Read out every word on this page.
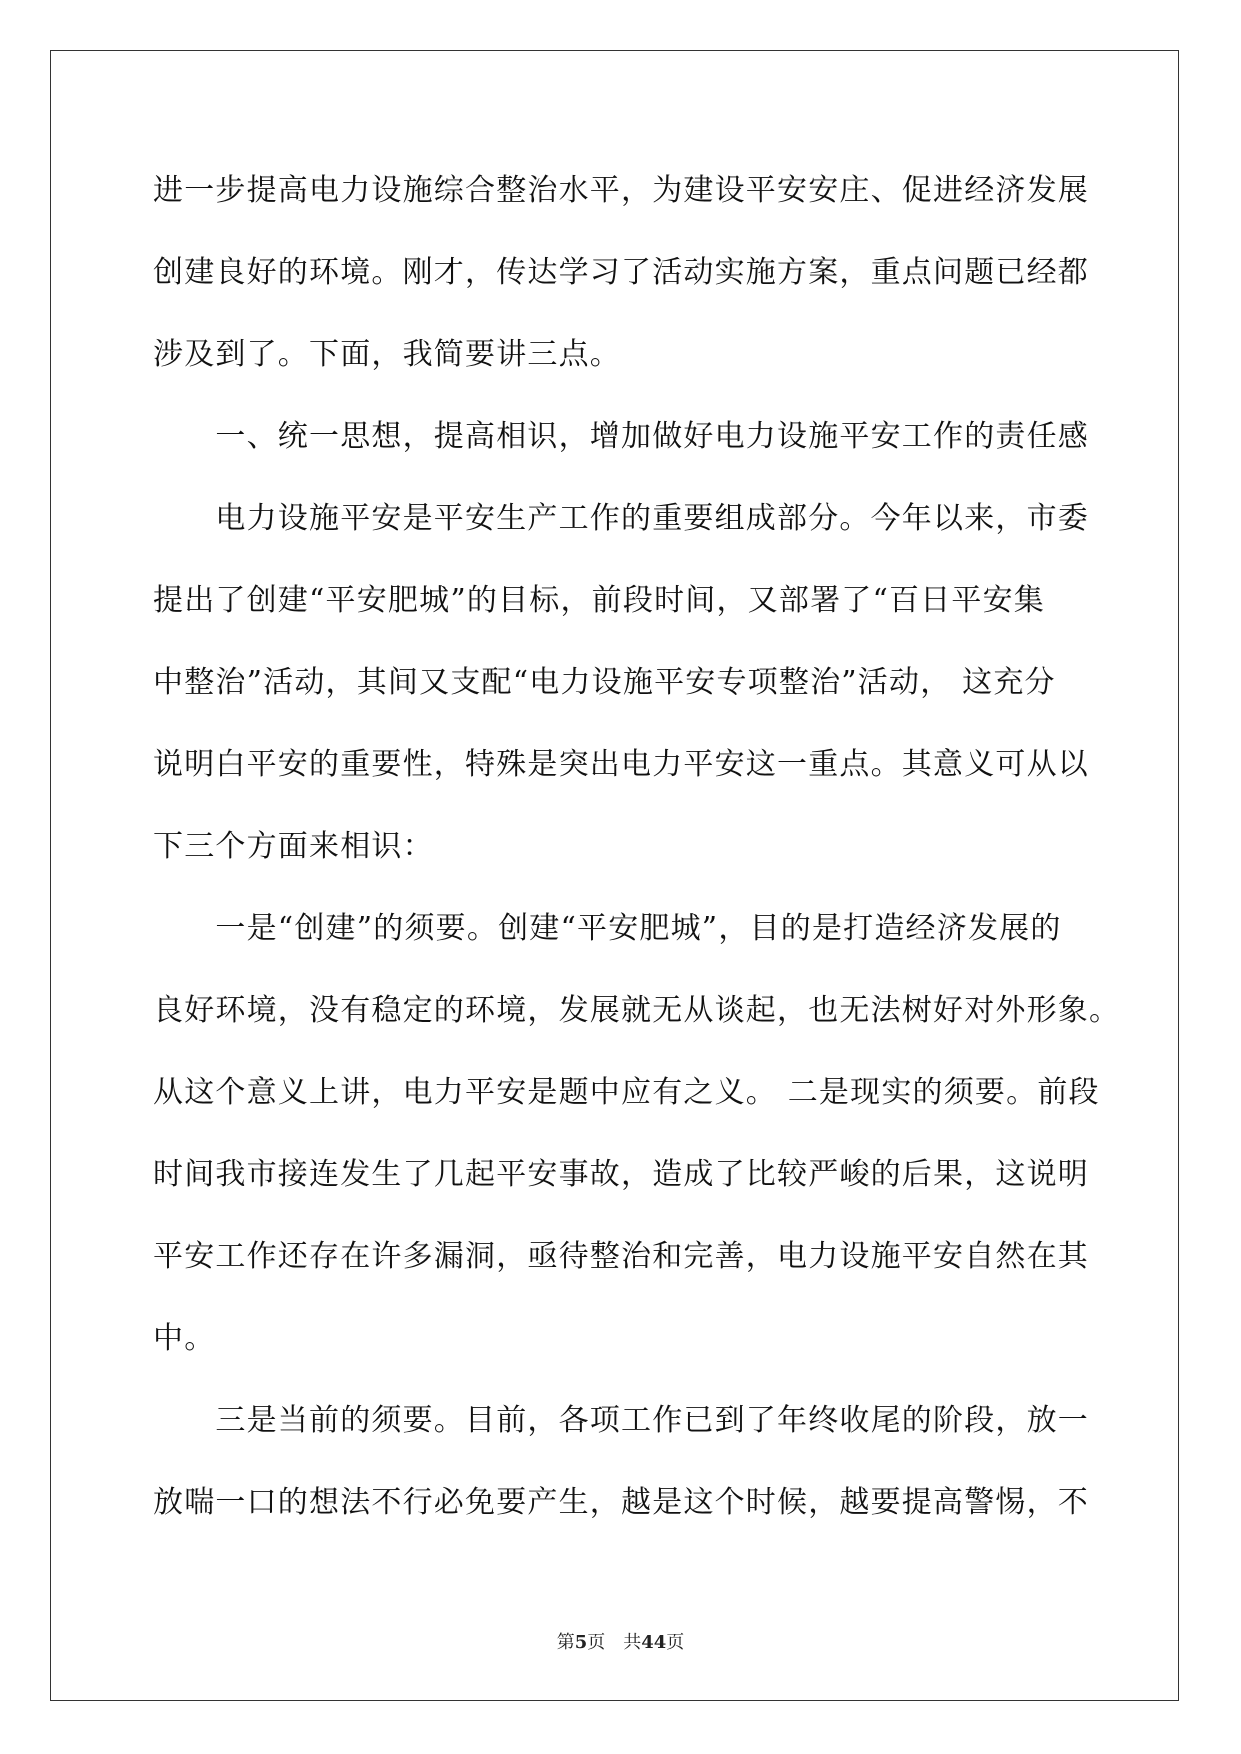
进一步提高电力设施综合整治水平，为建设平安安庄、促进经济发展
创建良好的环境。刚才，传达学习了活动实施方案，重点问题已经都
涉及到了。下面，我简要讲三点。
　　一、统一思想，提高相识，增加做好电力设施平安工作的责任感
　　电力设施平安是平安生产工作的重要组成部分。今年以来，市委
提出了创建“平安肥城”的目标，前段时间，又部署了“百日平安集
中整治”活动，其间又支配“电力设施平安专项整治”活动， 这充分
说明白平安的重要性，特殊是突出电力平安这一重点。其意义可从以
下三个方面来相识：
　　一是“创建”的须要。创建“平安肥城”，目的是打造经济发展的
良好环境，没有稳定的环境，发展就无从谈起，也无法树好对外形象。
从这个意义上讲，电力平安是题中应有之义。 二是现实的须要。前段
时间我市接连发生了几起平安事故，造成了比较严峻的后果，这说明
平安工作还存在许多漏洞，亟待整治和完善，电力设施平安自然在其
中。
　　三是当前的须要。目前，各项工作已到了年终收尾的阶段，放一
放喘一口的想法不行必免要产生，越是这个时候，越要提高警惕，不
第5页　共44页
